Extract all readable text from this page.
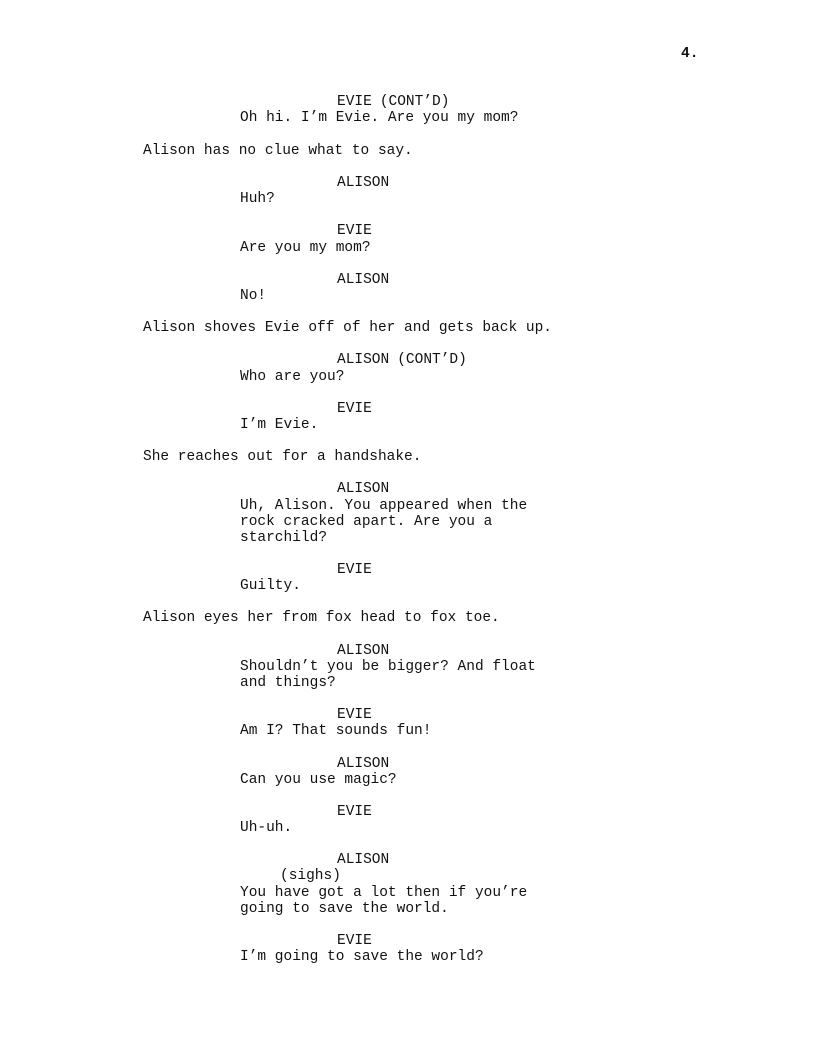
4.
EVIE (CONT’D)
Oh hi. I’m Evie. Are you my mom?
Alison has no clue what to say.
ALISON
Huh?
EVIE
Are you my mom?
ALISON
No!
Alison shoves Evie off of her and gets back up.
ALISON (CONT’D)
Who are you?
EVIE
I’m Evie.
She reaches out for a handshake.
ALISON
Uh, Alison. You appeared when the
rock cracked apart. Are you a
starchild?
EVIE
Guilty.
Alison eyes her from fox head to fox toe.
ALISON
Shouldn’t you be bigger? And float
and things?
EVIE
Am I? That sounds fun!
ALISON
Can you use magic?
EVIE
Uh-uh.
ALISON
(sighs)
You have got a lot then if you’re
going to save the world.
EVIE
I’m going to save the world?
